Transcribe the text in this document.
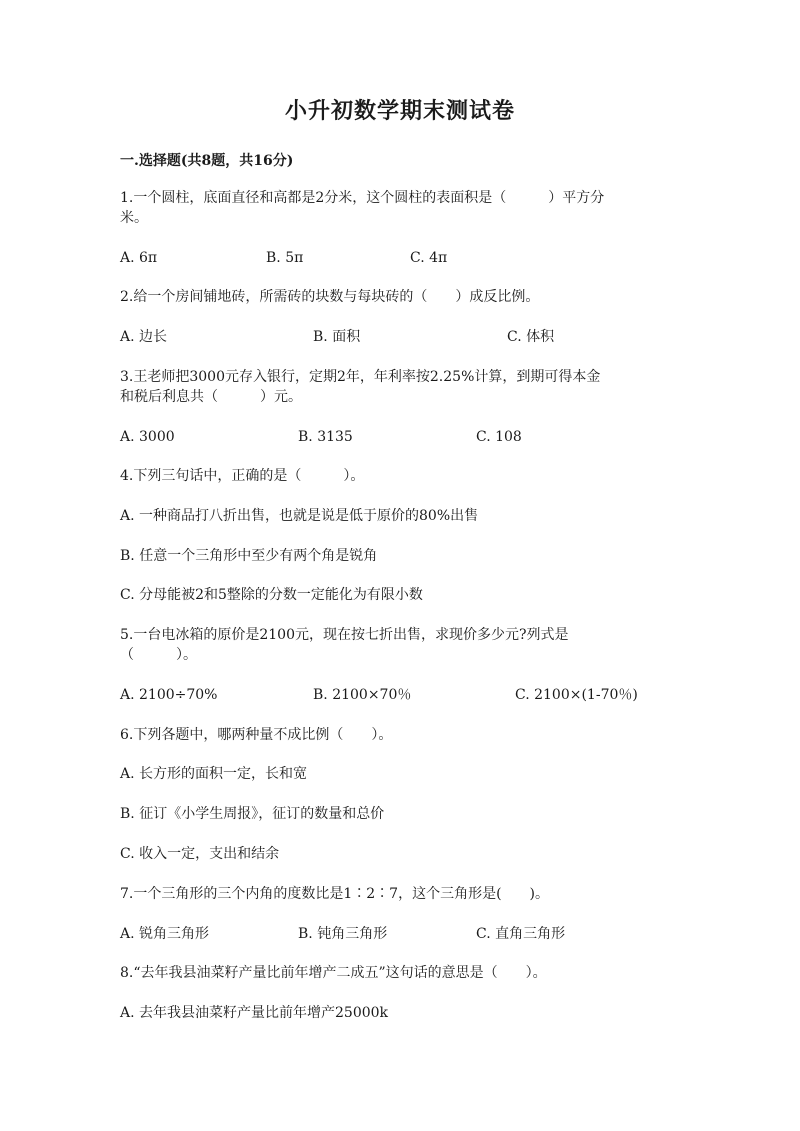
小升初数学期末测试卷
一.选择题(共8题，共16分)
1.一个圆柱，底面直径和高都是2分米，这个圆柱的表面积是（　　　）平方分
米。
A. 6π	B. 5π	C. 4π
2.给一个房间铺地砖，所需砖的块数与每块砖的（　　）成反比例。
A. 边长	B. 面积	C. 体积
3.王老师把3000元存入银行，定期2年，年利率按2.25%计算，到期可得本金
和税后利息共（　　　）元。
A. 3000	B. 3135	C. 108
4.下列三句话中，正确的是（　　　）。
A. 一种商品打八折出售，也就是说是低于原价的80%出售
B. 任意一个三角形中至少有两个角是锐角
C. 分母能被2和5整除的分数一定能化为有限小数
5.一台电冰箱的原价是2100元，现在按七折出售，求现价多少元?列式是
（　　　）。
A. 2100÷70%	B. 2100×70％	C. 2100×(1-70％)
6.下列各题中，哪两种量不成比例（　　）。
A. 长方形的面积一定，长和宽
B. 征订《小学生周报》，征订的数量和总价
C. 收入一定，支出和结余
7.一个三角形的三个内角的度数比是1∶2∶7，这个三角形是(　　)。
A. 锐角三角形	B. 钝角三角形	C. 直角三角形
8.“去年我县油菜籽产量比前年增产二成五”这句话的意思是（　　）。
A. 去年我县油菜籽产量比前年增产25000k
